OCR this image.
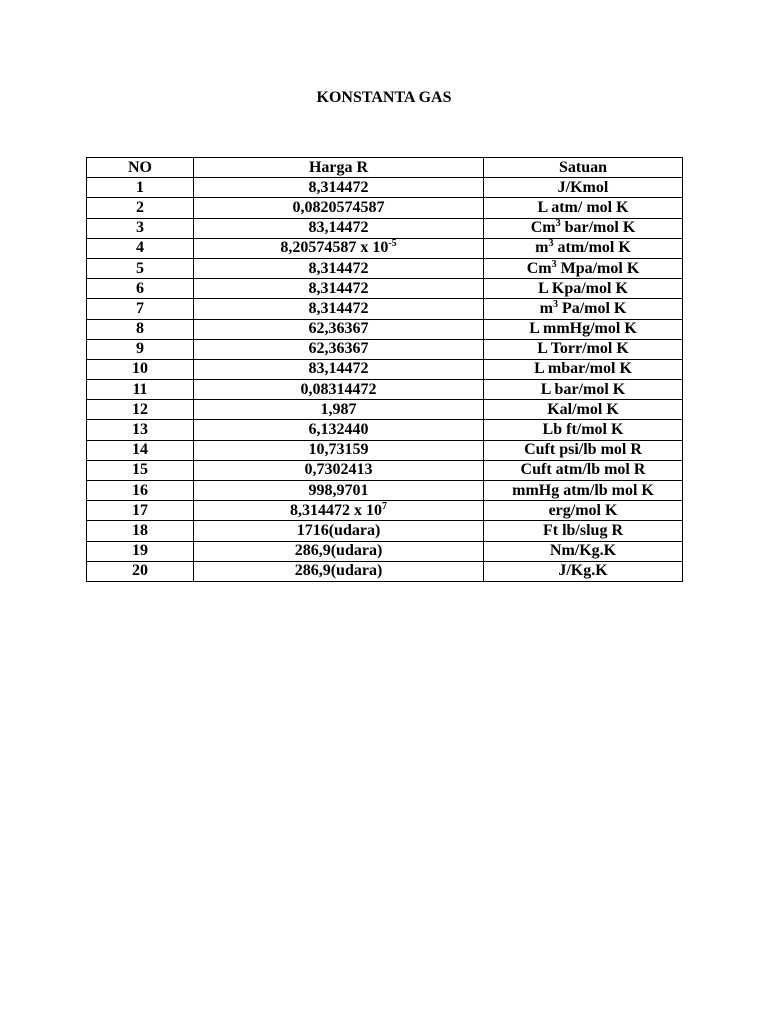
KONSTANTA GAS
NO	Harga R	Satuan
1	8,314472	J/Kmol
2	0,0820574587	L atm/ mol K
3	83,14472	Cm$^3$ bar/mol K
4	8,20574587 x $10^{-5}$	$m^3$ atm/mol K
5	8,314472	Cm$^3$ Mpa/mol K
6	8,314472	L Kpa/mol K
7	8,314472	$m^3$ Pa/mol K
8	62,36367	L mmHg/mol K
9	62,36367	L Torr/mol K
10	83,14472	L mbar/mol K
11	0,08314472	L bar/mol K
12	1,987	Kal/mol K
13	6,132440	Lb ft/mol K
14	10,73159	Cuft psi/lb mol R
15	0,7302413	Cuft atm/lb mol R
16	998,9701	mmHg atm/lb mol K
17	8,314472 x $10^7$	erg/mol K
18	1716(udara)	Ft lb/slug R
19	286,9(udara)	Nm/Kg.K
20	286,9(udara)	J/Kg.K
